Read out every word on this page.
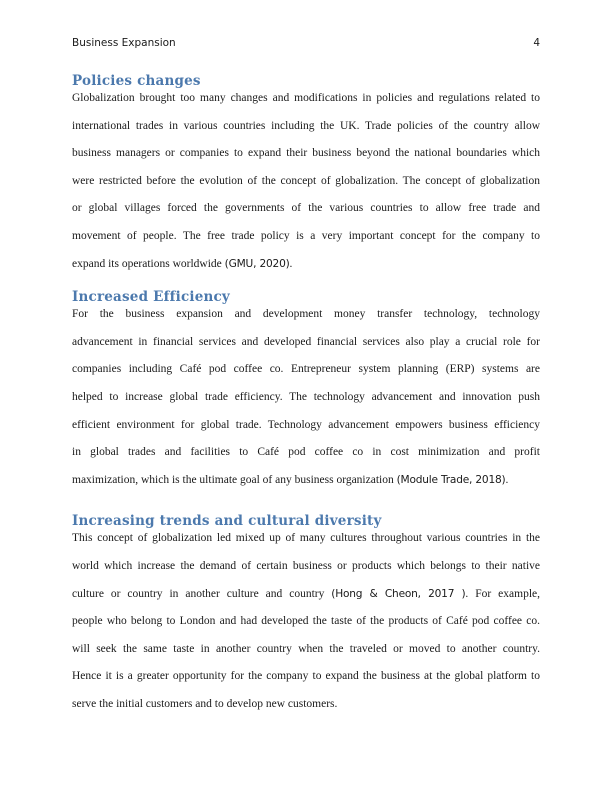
Business Expansion	4
Policies changes
Globalization brought too many changes and modifications in policies and regulations related to
international trades in various countries including the UK. Trade policies of the country allow
business managers or companies to expand their business beyond the national boundaries which
were restricted before the evolution of the concept of globalization. The concept of globalization
or global villages forced the governments of the various countries to allow free trade and
movement of people. The free trade policy is a very important concept for the company to
expand its operations worldwide (GMU, 2020).
Increased Efficiency
For the business expansion and development money transfer technology, technology
advancement in financial services and developed financial services also play a crucial role for
companies including Café pod coffee co. Entrepreneur system planning (ERP) systems are
helped to increase global trade efficiency. The technology advancement and innovation push
efficient environment for global trade. Technology advancement empowers business efficiency
in global trades and facilities to Café pod coffee co in cost minimization and profit
maximization, which is the ultimate goal of any business organization (Module Trade, 2018).
Increasing trends and cultural diversity
This concept of globalization led mixed up of many cultures throughout various countries in the
world which increase the demand of certain business or products which belongs to their native
culture or country in another culture and country (Hong & Cheon, 2017 ). For example,
people who belong to London and had developed the taste of the products of Café pod coffee co.
will seek the same taste in another country when the traveled or moved to another country.
Hence it is a greater opportunity for the company to expand the business at the global platform to
serve the initial customers and to develop new customers.
